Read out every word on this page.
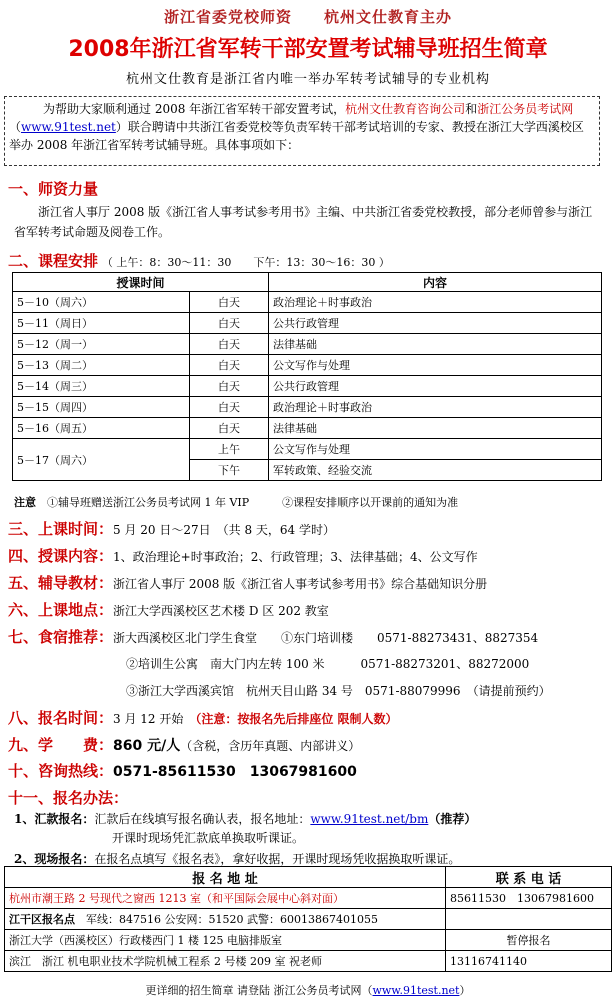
浙江省委党校师资　　杭州文仕教育主办
2008年浙江省军转干部安置考试辅导班招生简章
杭州文仕教育是浙江省内唯一举办军转考试辅导的专业机构

为帮助大家顺利通过 2008 年浙江省军转干部安置考试，杭州文仕教育咨询公司和浙江公务员考试网（www.91test.net）联合聘请中共浙江省委党校等负责军转干部考试培训的专家、教授在浙江大学西溪校区举办 2008 年浙江省军转考试辅导班。具体事项如下：

一、师资力量
浙江省人事厅 2008 版《浙江省人事考试参考用书》主编、中共浙江省委党校教授，部分老师曾参与浙江省军转考试命题及阅卷工作。
二、课程安排 （ 上午：8：30～11：30　　下午：13：30～16：30 ）
授课时间		内容
5－10（周六）	白天	政治理论＋时事政治
5－11（周日）	白天	公共行政管理
5－12（周一）	白天	法律基础
5－13（周二）	白天	公文写作与处理
5－14（周三）	白天	公共行政管理
5－15（周四）	白天	政治理论＋时事政治
5－16（周五）	白天	法律基础
5－17（周六）	上午	公文写作与处理
	下午	军转政策、经验交流
注意　 ①辅导班赠送浙江公务员考试网 1 年 VIP　　　②课程安排顺序以开课前的通知为准
三、上课时间：5 月 20 日～27日　（共 8 天，64 学时）
四、授课内容：1、政治理论+时事政治；2、行政管理；3、法律基础；4、公文写作
五、辅导教材：浙江省人事厅 2008 版《浙江省人事考试参考用书》综合基础知识分册
六、上课地点：浙江大学西溪校区艺术楼 D 区 202 教室
七、食宿推荐：浙大西溪校区北门学生食堂　　①东门培训楼　　0571-88273431、8827354
②培训生公寓　南大门内左转 100 米　　　0571-88273201、88272000
③浙江大学西溪宾馆　杭州天目山路 34 号　0571-88079996　（请提前预约）
八、报名时间：3 月 12 开始　（注意：按报名先后排座位 限制人数）
九、学　　费：860 元/人（含税，含历年真题、内部讲义）
十、咨询热线：0571-85611530　13067981600
十一、报名办法：
1、汇款报名：汇款后在线填写报名确认表，报名地址：www.91test.net/bm（推荐）
开课时现场凭汇款底单换取听课证。
2、现场报名：在报名点填写《报名表》，拿好收据，开课时现场凭收据换取听课证。
报 名 地 址	联 系 电 话
杭州市潮王路 2 号现代之窗西 1213 室（和平国际会展中心斜对面）	85611530　13067981600
江干区报名点　军线：847516 公安网：51520 武警：60013867401055	
浙江大学（西溪校区）行政楼西门 1 楼 125 电脑排版室	暂停报名
滨江　浙江 机电职业技术学院机械工程系 2 号楼 209 室 祝老师	13116741140
更详细的招生简章 请登陆 浙江公务员考试网（www.91test.net）
